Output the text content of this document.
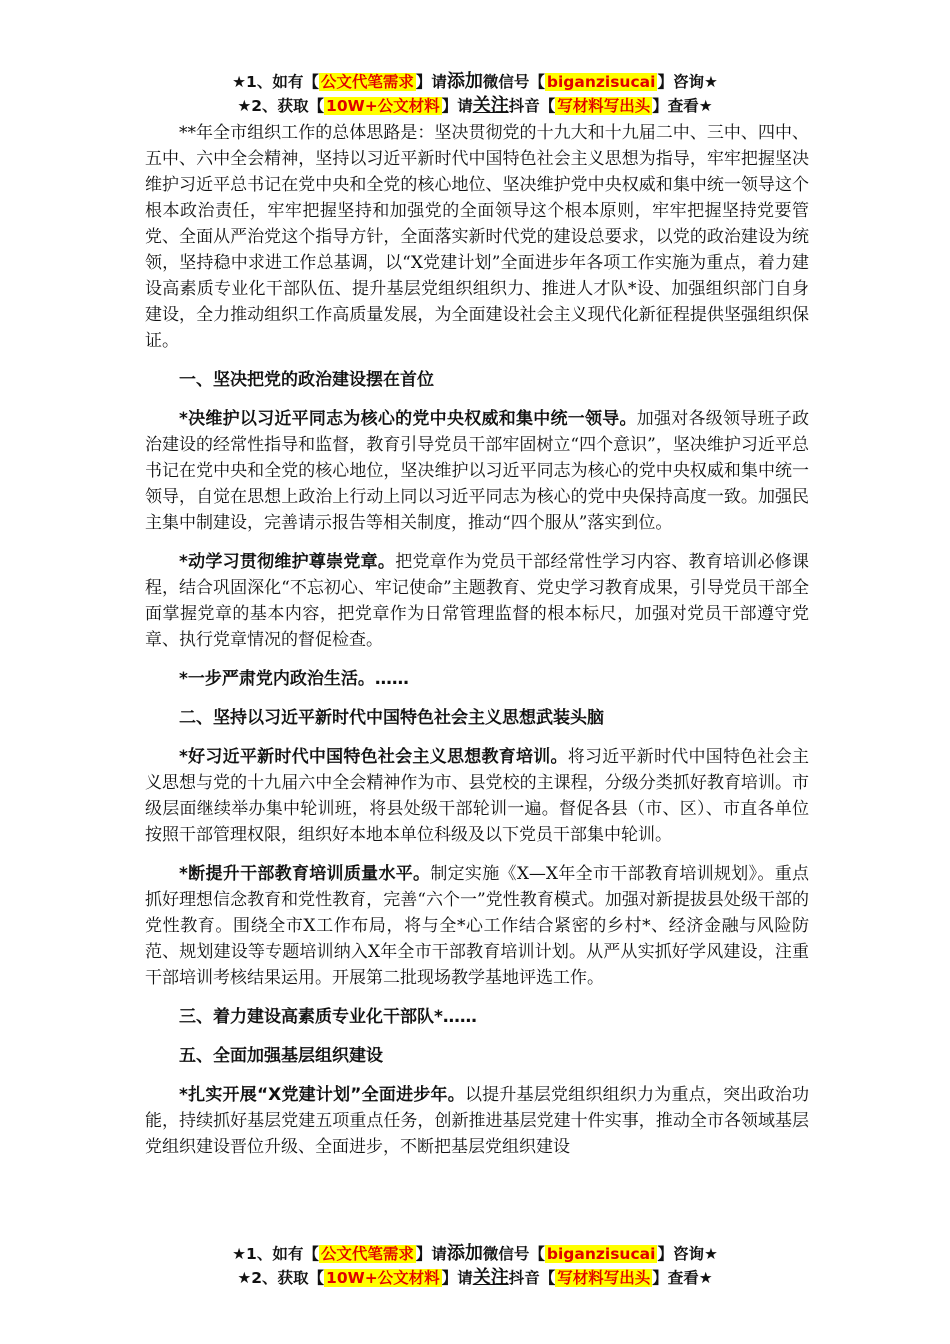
★1、如有【 公文代笔需求 】请添加微信号【 biganzisucai 】咨询★
★2、获取【 10W+公文材料 】请关注抖音【 写材料写出头 】查看★

**年全市组织工作的总体思路是：坚决贯彻党的十九大和十九届二中、三中、四中、五中、六中全会精神，坚持以习近平新时代中国特色社会主义思想为指导，牢牢把握坚决维护习近平总书记在党中央和全党的核心地位、坚决维护党中央权威和集中统一领导这个根本政治责任，牢牢把握坚持和加强党的全面领导这个根本原则，牢牢把握坚持党要管党、全面从严治党这个指导方针，全面落实新时代党的建设总要求，以党的政治建设为统领，坚持稳中求进工作总基调，以“X党建计划”全面进步年各项工作实施为重点，着力建设高素质专业化干部队伍、提升基层党组织组织力、推进人才队*设、加强组织部门自身建设，全力推动组织工作高质量发展，为全面建设社会主义现代化新征程提供坚强组织保证。

一、坚决把党的政治建设摆在首位

*决维护以习近平同志为核心的党中央权威和集中统一领导。加强对各级领导班子政治建设的经常性指导和监督，教育引导党员干部牢固树立“四个意识”，坚决维护习近平总书记在党中央和全党的核心地位，坚决维护以习近平同志为核心的党中央权威和集中统一领导，自觉在思想上政治上行动上同以习近平同志为核心的党中央保持高度一致。加强民主集中制建设，完善请示报告等相关制度，推动“四个服从”落实到位。

*动学习贯彻维护尊崇党章。把党章作为党员干部经常性学习内容、教育培训必修课程，结合巩固深化“不忘初心、牢记使命”主题教育、党史学习教育成果，引导党员干部全面掌握党章的基本内容，把党章作为日常管理监督的根本标尺，加强对党员干部遵守党章、执行党章情况的督促检查。

*一步严肃党内政治生活。……

二、坚持以习近平新时代中国特色社会主义思想武装头脑

*好习近平新时代中国特色社会主义思想教育培训。将习近平新时代中国特色社会主义思想与党的十九届六中全会精神作为市、县党校的主课程，分级分类抓好教育培训。市级层面继续举办集中轮训班，将县处级干部轮训一遍。督促各县（市、区）、市直各单位按照干部管理权限，组织好本地本单位科级及以下党员干部集中轮训。

*断提升干部教育培训质量水平。制定实施《X—X年全市干部教育培训规划》。重点抓好理想信念教育和党性教育，完善“六个一”党性教育模式。加强对新提拔县处级干部的党性教育。围绕全市X工作布局，将与全*心工作结合紧密的乡村*、经济金融与风险防范、规划建设等专题培训纳入X年全市干部教育培训计划。从严从实抓好学风建设，注重干部培训考核结果运用。开展第二批现场教学基地评选工作。

三、着力建设高素质专业化干部队*……

五、全面加强基层组织建设

*扎实开展“X党建计划”全面进步年。以提升基层党组织组织力为重点，突出政治功能，持续抓好基层党建五项重点任务，创新推进基层党建十件实事，推动全市各领域基层党组织建设晋位升级、全面进步，不断把基层党组织建设

★1、如有【 公文代笔需求 】请添加微信号【 biganzisucai 】咨询★
★2、获取【 10W+公文材料 】请关注抖音【 写材料写出头 】查看★
